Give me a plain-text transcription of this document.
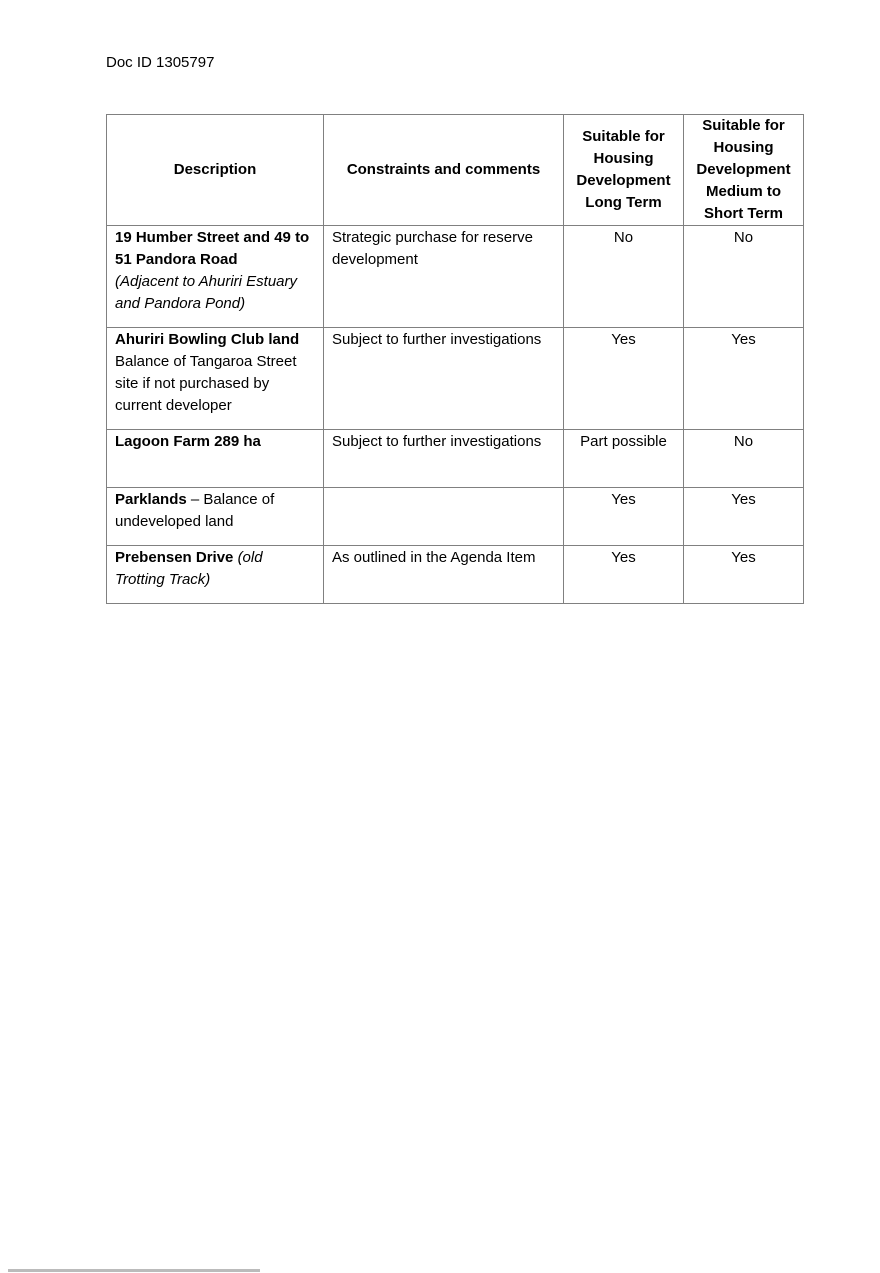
Doc ID 1305797
Description	Constraints and comments	Suitable for Housing Development Long Term	Suitable for Housing Development Medium to Short Term

19 Humber Street and 49 to 51 Pandora Road
(Adjacent to Ahuriri Estuary and Pandora Pond)	Strategic purchase for reserve development	No	No

Ahuriri Bowling Club land
Balance of Tangaroa Street site if not purchased by current developer	Subject to further investigations	Yes	Yes

Lagoon Farm 289 ha	Subject to further investigations	Part possible	No
Parklands – Balance of undeveloped land		Yes	Yes
Prebensen Drive (old Trotting Track)	As outlined in the Agenda Item	Yes	Yes
